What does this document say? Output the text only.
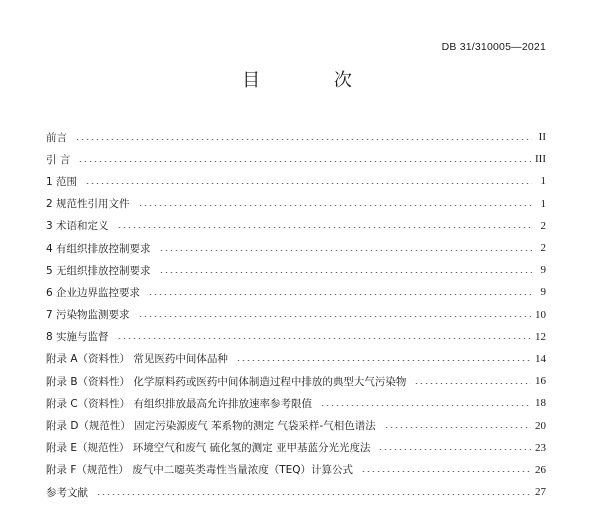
DB 31/310005—2021
目 次
前言	II
引 言	III
1 范围	1
2 规范性引用文件	1
3 术语和定义	2
4 有组织排放控制要求	2
5 无组织排放控制要求	9
6 企业边界监控要求	9
7 污染物监测要求	10
8 实施与监督	12
附录 A（资料性） 常见医药中间体品种	14
附录 B（资料性） 化学原料药或医药中间体制造过程中排放的典型大气污染物	16
附录 C（资料性） 有组织排放最高允许排放速率参考限值	18
附录 D（规范性） 固定污染源废气 苯系物的测定 气袋采样-气相色谱法	20
附录 E（规范性） 环境空气和废气 硫化氢的测定 亚甲基蓝分光光度法	23
附录 F（规范性） 废气中二噁英类毒性当量浓度（TEQ）计算公式	26
参考文献	27
